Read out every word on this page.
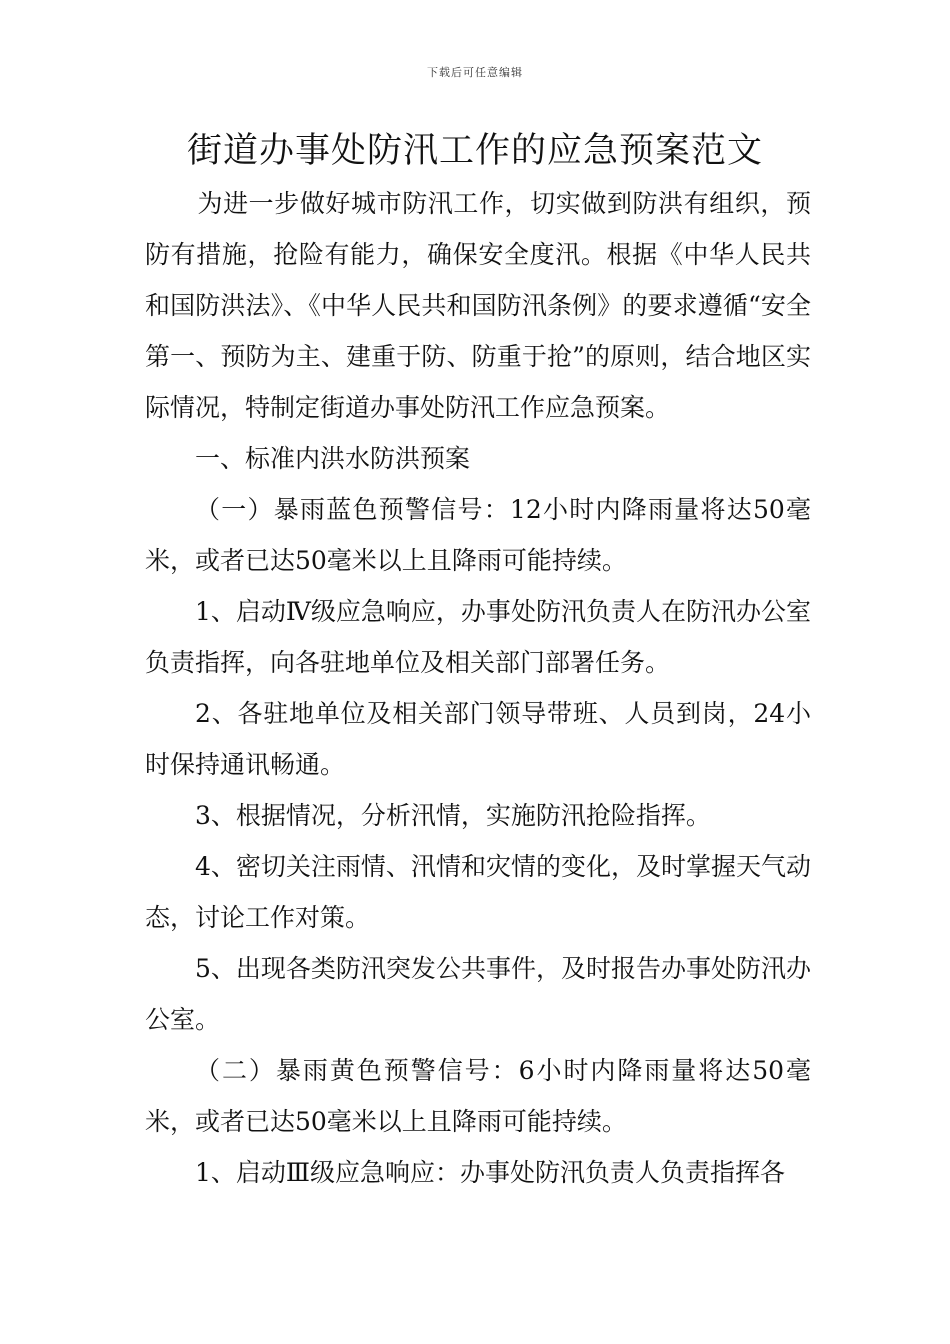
下载后可任意编辑
街道办事处防汛工作的应急预案范文

为进一步做好城市防汛工作，切实做到防洪有组织，预防有措施，抢险有能力，确保安全度汛。根据《中华人民共和国防洪法》、《中华人民共和国防汛条例》的要求遵循“安全第一、预防为主、建重于防、防重于抢”的原则，结合地区实际情况，特制定街道办事处防汛工作应急预案。

一、标准内洪水防洪预案

（一）暴雨蓝色预警信号：12小时内降雨量将达50毫米，或者已达50毫米以上且降雨可能持续。

1、启动Ⅳ级应急响应，办事处防汛负责人在防汛办公室负责指挥，向各驻地单位及相关部门部署任务。

2、各驻地单位及相关部门领导带班、人员到岗，24小时保持通讯畅通。

3、根据情况，分析汛情，实施防汛抢险指挥。

4、密切关注雨情、汛情和灾情的变化，及时掌握天气动态，讨论工作对策。

5、出现各类防汛突发公共事件，及时报告办事处防汛办公室。

（二）暴雨黄色预警信号：6小时内降雨量将达50毫米，或者已达50毫米以上且降雨可能持续。

1、启动Ⅲ级应急响应：办事处防汛负责人负责指挥各
